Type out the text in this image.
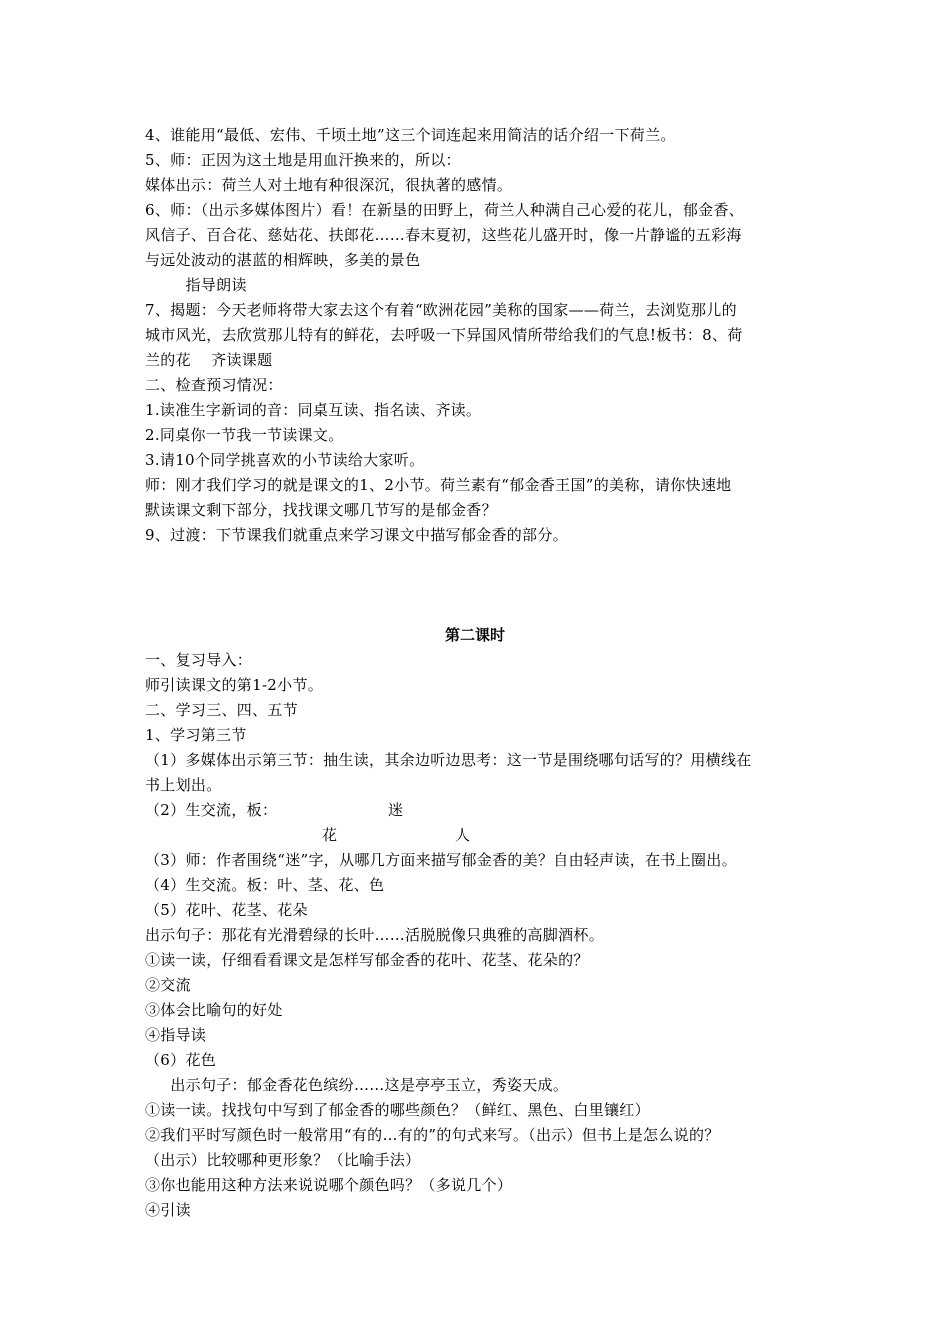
4、谁能用“最低、宏伟、千顷土地”这三个词连起来用简洁的话介绍一下荷兰。
5、师：正因为这土地是用血汗换来的，所以：
媒体出示：荷兰人对土地有种很深沉，很执著的感情。
6、师：（出示多媒体图片）看！在新垦的田野上，荷兰人种满自己心爱的花儿，郁金香、
风信子、百合花、慈姑花、扶郎花……春末夏初，这些花儿盛开时，像一片静谧的五彩海
与远处波动的湛蓝的相辉映，多美的景色
指导朗读
7、揭题：今天老师将带大家去这个有着“欧洲花园”美称的国家——荷兰，去浏览那儿的
城市风光，去欣赏那儿特有的鲜花，去呼吸一下异国风情所带给我们的气息!板书：8、荷
兰的花    齐读课题
二、检查预习情况：
1.读准生字新词的音：同桌互读、指名读、齐读。
2.同桌你一节我一节读课文。
3.请10个同学挑喜欢的小节读给大家听。
师：刚才我们学习的就是课文的1、2小节。荷兰素有“郁金香王国”的美称，请你快速地
默读课文剩下部分，找找课文哪几节写的是郁金香？
9、过渡：下节课我们就重点来学习课文中描写郁金香的部分。
第二课时
一、复习导入：
师引读课文的第1-2小节。
二、学习三、四、五节
1、学习第三节
（1）多媒体出示第三节：抽生读，其余边听边思考：这一节是围绕哪句话写的？用横线在
书上划出。
（2）生交流，板：	迷
花	人
（3）师：作者围绕“迷”字，从哪几方面来描写郁金香的美？自由轻声读，在书上圈出。
（4）生交流。板：叶、茎、花、色
（5）花叶、花茎、花朵
出示句子：那花有光滑碧绿的长叶……活脱脱像只典雅的高脚酒杯。
①读一读，仔细看看课文是怎样写郁金香的花叶、花茎、花朵的？
②交流
③体会比喻句的好处
④指导读
（6）花色
出示句子：郁金香花色缤纷……这是亭亭玉立，秀姿天成。
①读一读。找找句中写到了郁金香的哪些颜色？（鲜红、黑色、白里镶红）
②我们平时写颜色时一般常用“有的…有的”的句式来写。（出示）但书上是怎么说的？
（出示）比较哪种更形象？（比喻手法）
③你也能用这种方法来说说哪个颜色吗？（多说几个）
④引读
